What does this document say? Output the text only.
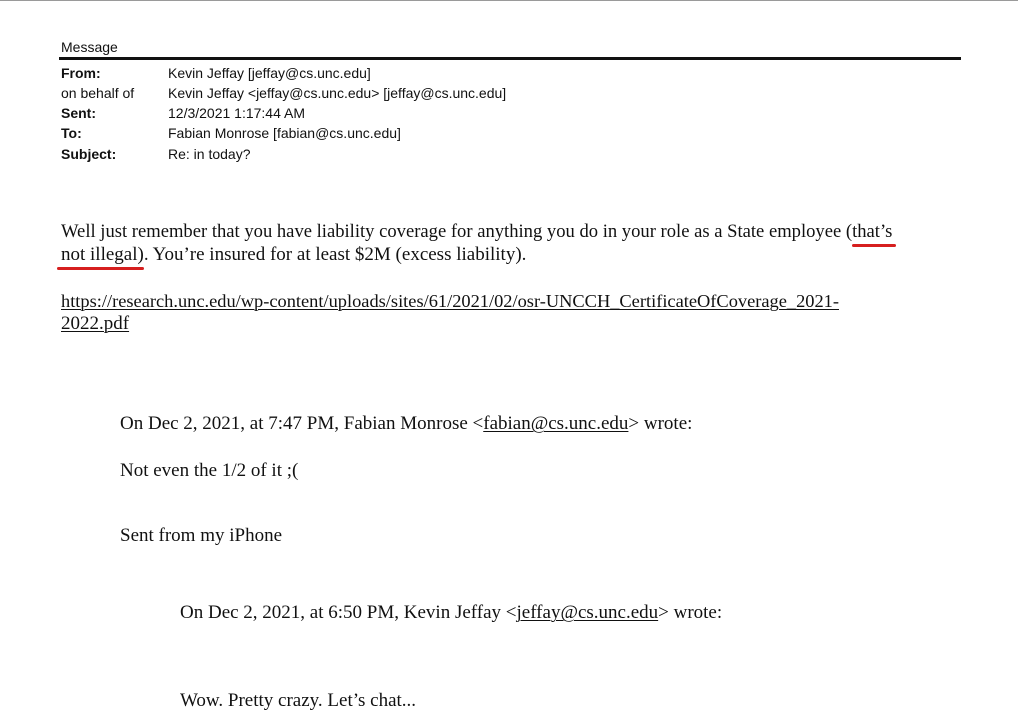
Message
From:	Kevin Jeffay [jeffay@cs.unc.edu]
on behalf of Kevin Jeffay <jeffay@cs.unc.edu> [jeffay@cs.unc.edu]
Sent:	12/3/2021 1:17:44 AM
To:	Fabian Monrose [fabian@cs.unc.edu]
Subject:	Re: in today?
Well just remember that you have liability coverage for anything you do in your role as a State employee (that’s
not illegal
). You’re insured for at least $2M (excess liability).
https://research.unc.edu/wp-content/uploads/sites/61/2021/02/osr-UNCCH_CertificateOfCoverage_2021-
2022.pdf
On Dec 2, 2021, at 7:47 PM, Fabian Monrose <fabian@cs.unc.edu> wrote:
Not even the 1/2 of it ;(
Sent from my iPhone
On Dec 2, 2021, at 6:50 PM, Kevin Jeffay <jeffay@cs.unc.edu> wrote:
Wow. Pretty crazy. Let’s chat...
